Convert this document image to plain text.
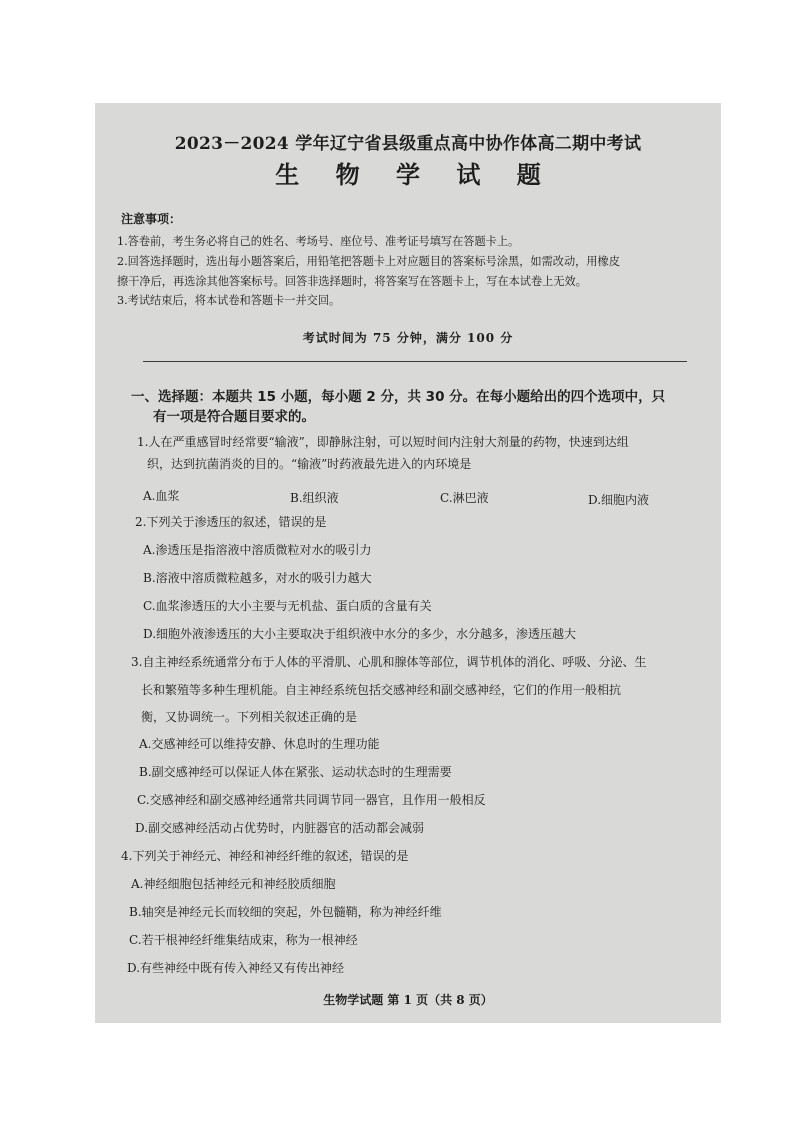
2023－2024 学年辽宁省县级重点高中协作体高二期中考试
生 物 学 试 题
注意事项：
1.答卷前，考生务必将自己的姓名、考场号、座位号、准考证号填写在答题卡上。
2.回答选择题时，选出每小题答案后，用铅笔把答题卡上对应题目的答案标号涂黑，如需改动，用橡皮
擦干净后，再选涂其他答案标号。回答非选择题时，将答案写在答题卡上，写在本试卷上无效。
3.考试结束后，将本试卷和答题卡一并交回。
考试时间为 75 分钟，满分 100 分
一、选择题：本题共 15 小题，每小题 2 分，共 30 分。在每小题给出的四个选项中，只
有一项是符合题目要求的。
1.人在严重感冒时经常要“输液”，即静脉注射，可以短时间内注射大剂量的药物，快速到达组
织，达到抗菌消炎的目的。“输液”时药液最先进入的内环境是
A.血浆	B.组织液	C.淋巴液	D.细胞内液
2.下列关于渗透压的叙述，错误的是
A.渗透压是指溶液中溶质微粒对水的吸引力
B.溶液中溶质微粒越多，对水的吸引力越大
C.血浆渗透压的大小主要与无机盐、蛋白质的含量有关
D.细胞外液渗透压的大小主要取决于组织液中水分的多少，水分越多，渗透压越大
3.自主神经系统通常分布于人体的平滑肌、心肌和腺体等部位，调节机体的消化、呼吸、分泌、生
长和繁殖等多种生理机能。自主神经系统包括交感神经和副交感神经，它们的作用一般相抗
衡，又协调统一。下列相关叙述正确的是
A.交感神经可以维持安静、休息时的生理功能
B.副交感神经可以保证人体在紧张、运动状态时的生理需要
C.交感神经和副交感神经通常共同调节同一器官，且作用一般相反
D.副交感神经活动占优势时，内脏器官的活动都会减弱
4.下列关于神经元、神经和神经纤维的叙述，错误的是
A.神经细胞包括神经元和神经胶质细胞
B.轴突是神经元长而较细的突起，外包髓鞘，称为神经纤维
C.若干根神经纤维集结成束，称为一根神经
D.有些神经中既有传入神经又有传出神经
生物学试题 第 1 页（共 8 页）
